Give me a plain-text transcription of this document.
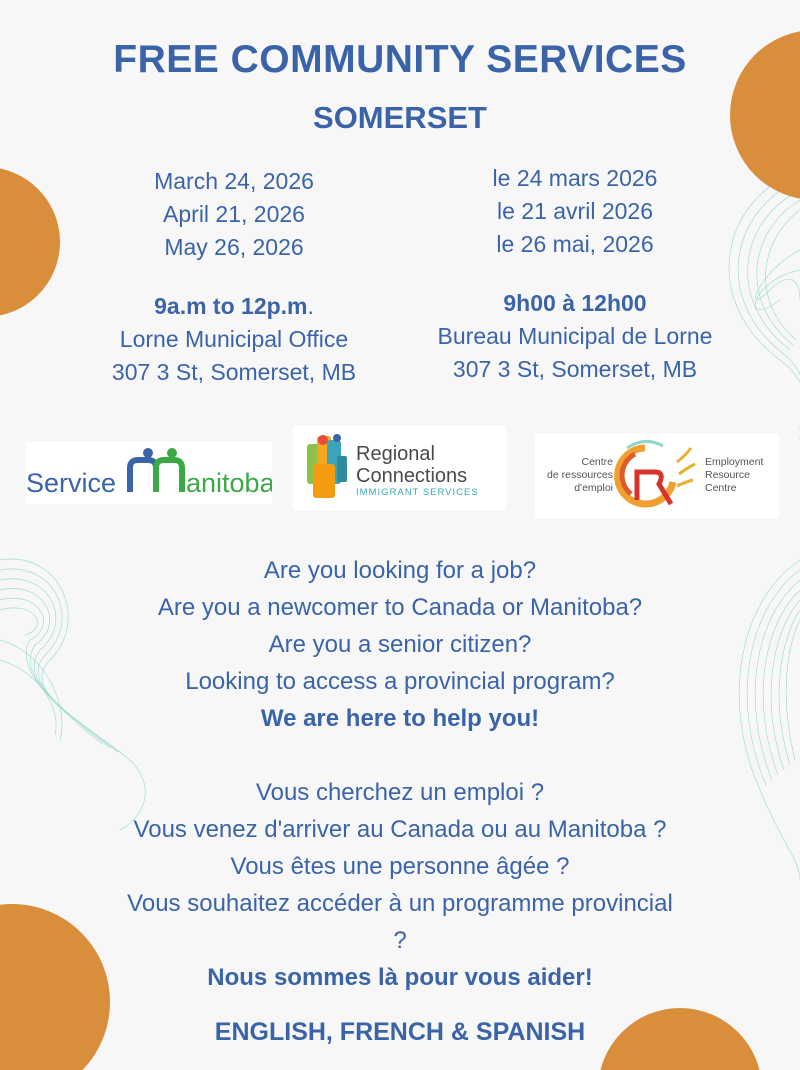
FREE COMMUNITY SERVICES
SOMERSET
March 24, 2026
April 21, 2026
May 26, 2026
9a.m to 12p.m.
Lorne Municipal Office
307 3 St, Somerset, MB
le 24 mars 2026
le 21 avril 2026
le 26 mai, 2026
9h00 à 12h00
Bureau Municipal de Lorne
307 3 St, Somerset, MB
Service	anitoba
Regional
Connections
IMMIGRANT SERVICES
Centre
de ressources
d'emploi
Employment
Resource
Centre
Are you looking for a job?
Are you a newcomer to Canada or Manitoba?
Are you a senior citizen?
Looking to access a provincial program?
We are here to help you!
Vous cherchez un emploi ?
Vous venez d'arriver au Canada ou au Manitoba ?
Vous êtes une personne âgée ?
Vous souhaitez accéder à un programme provincial
?
Nous sommes là pour vous aider!
ENGLISH, FRENCH & SPANISH
